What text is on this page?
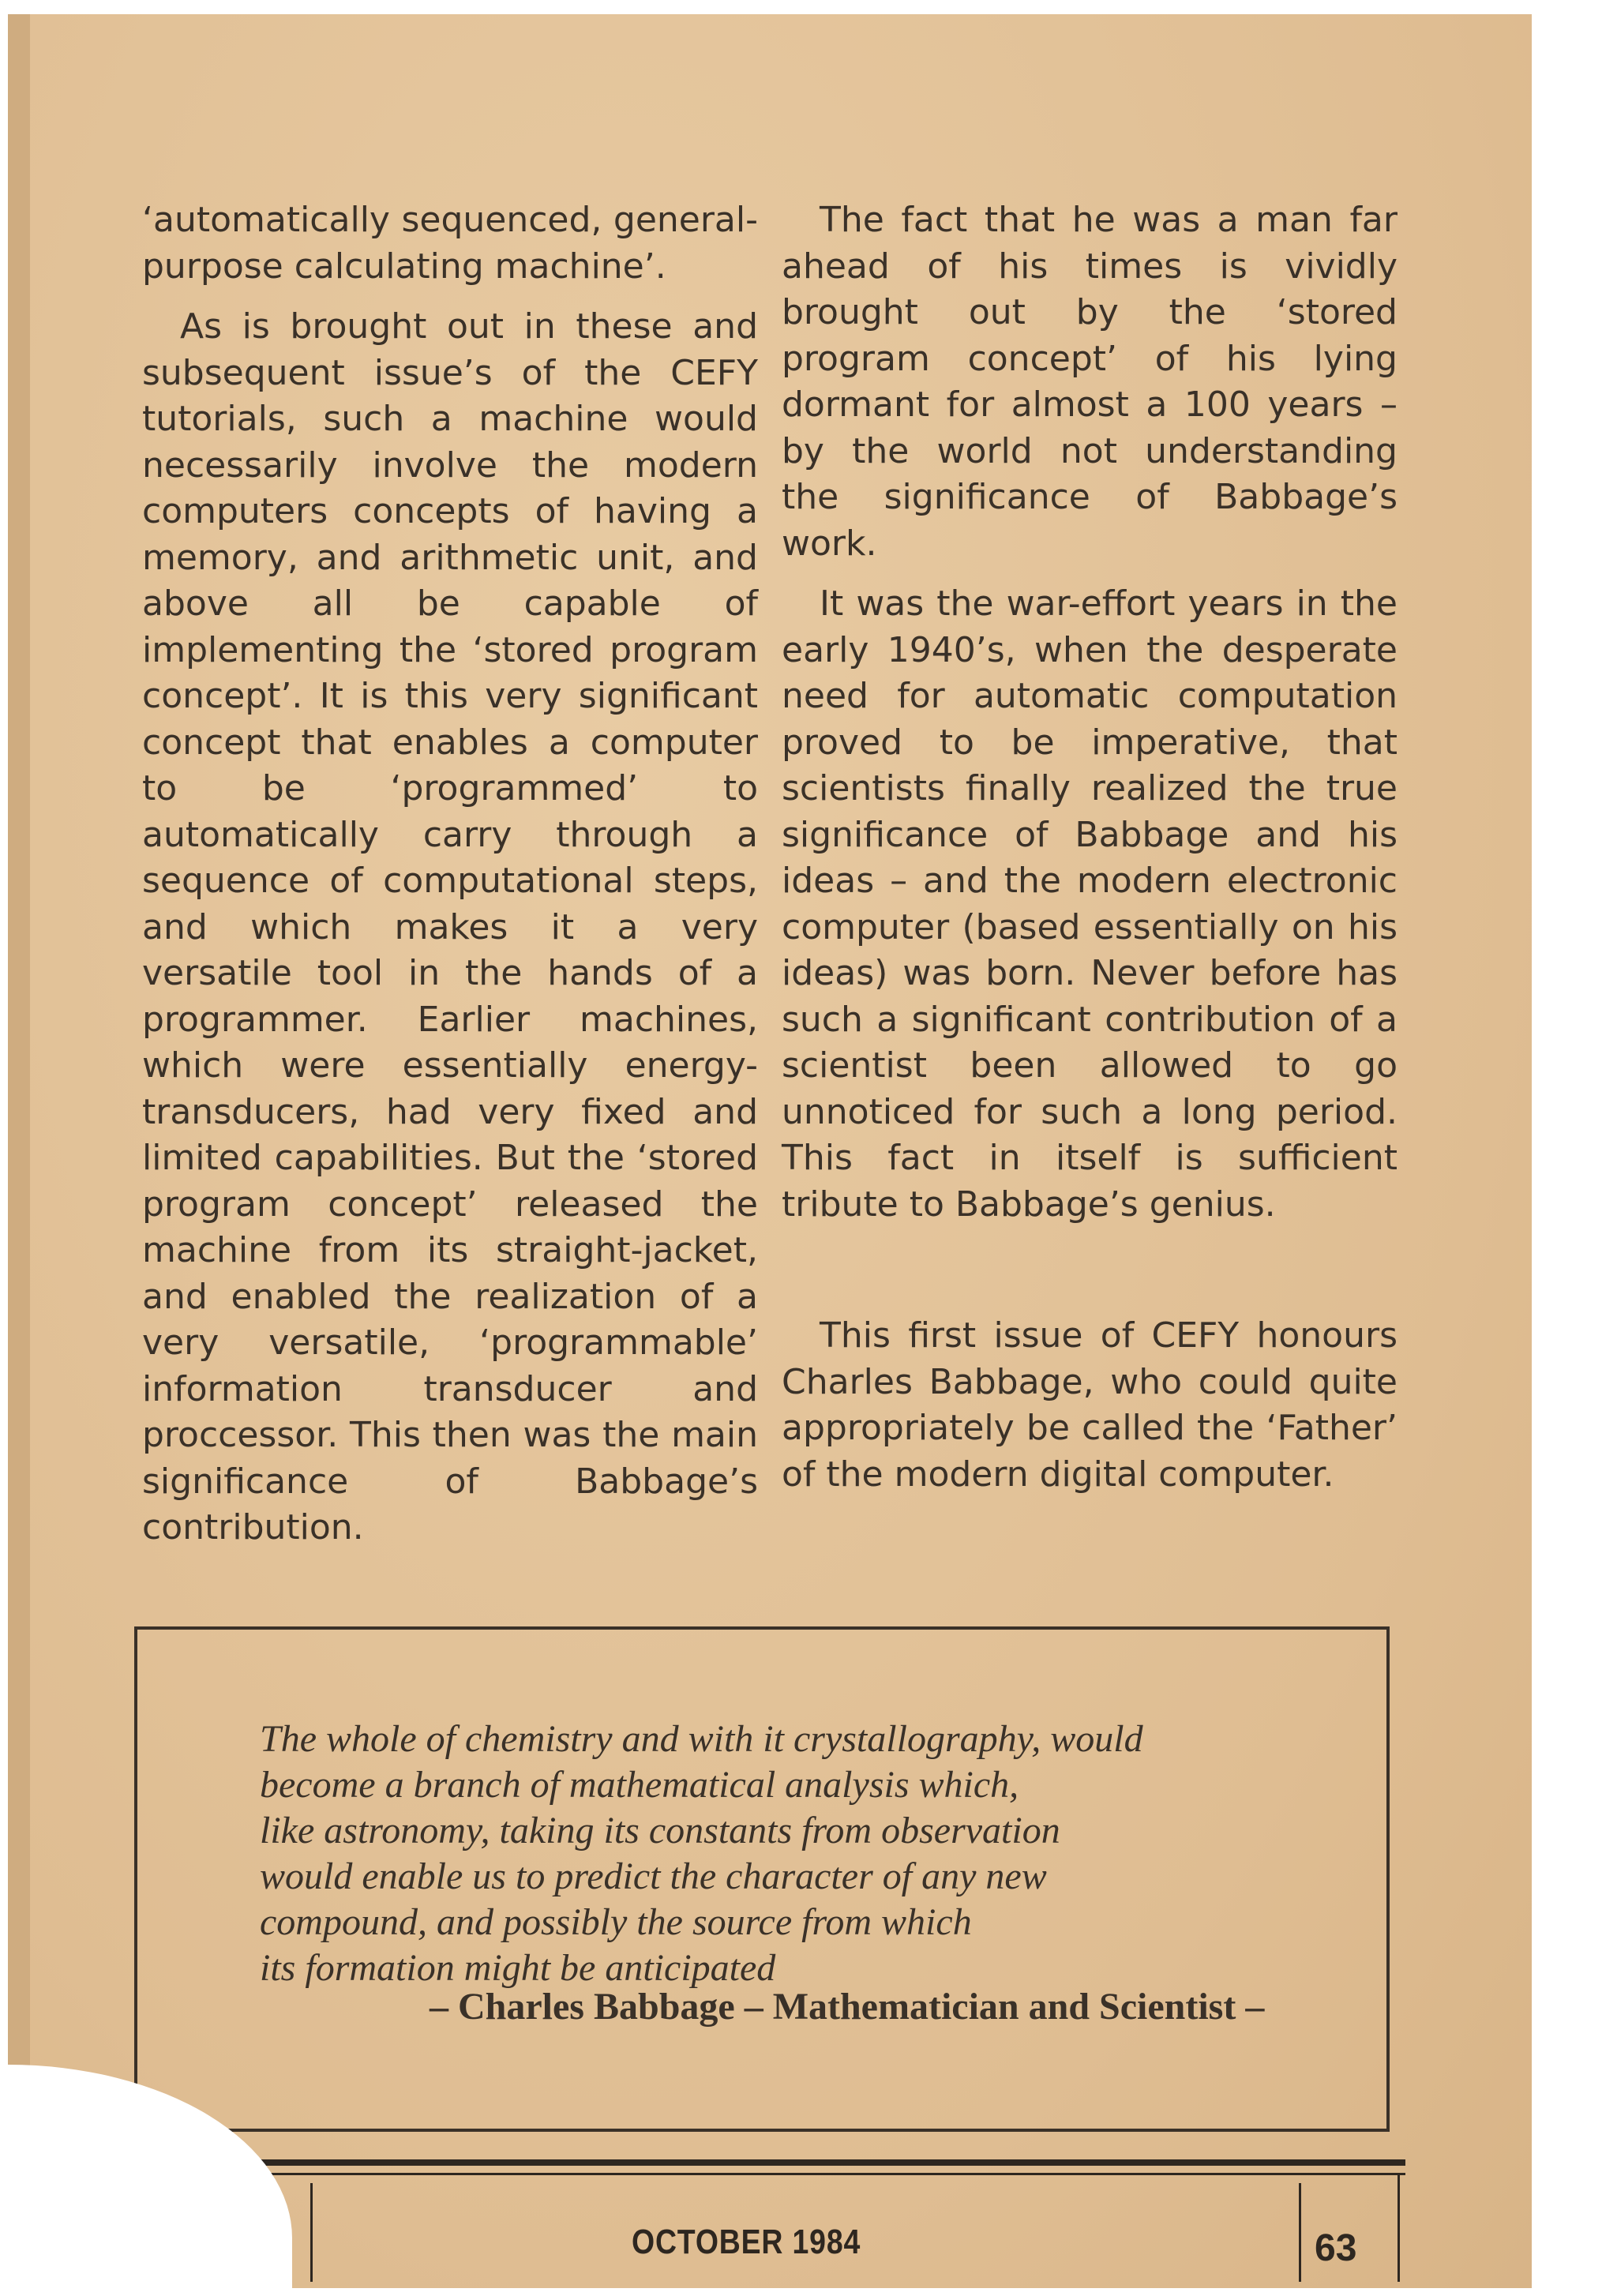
‘automatically sequenced, general-purpose calculating machine’.

As is brought out in these and subsequent issue’s of the CEFY tutorials, such a machine would necessarily involve the modern computers concepts of having a memory, and arithmetic unit, and above all be capable of implementing the ‘stored program concept’. It is this very significant concept that enables a computer to be ‘programmed’ to automatically carry through a sequence of computational steps, and which makes it a very versatile tool in the hands of a programmer. Earlier machines, which were essentially energy-transducers, had very fixed and limited capabilities. But the ‘stored program concept’ released the machine from its straight-jacket, and enabled the realization of a very versatile, ‘programmable’ information transducer and proccessor. This then was the main significance of Babbage’s contribution.

The fact that he was a man far ahead of his times is vividly brought out by the ‘stored program concept’ of his lying dormant for almost a 100 years – by the world not understanding the significance of Babbage’s work.

It was the war-effort years in the early 1940’s, when the desperate need for automatic computation proved to be imperative, that scientists finally realized the true significance of Babbage and his ideas – and the modern electronic computer (based essentially on his ideas) was born. Never before has such a significant contribution of a scientist been allowed to go unnoticed for such a long period. This fact in itself is sufficient tribute to Babbage’s genius.

This first issue of CEFY honours Charles Babbage, who could quite appropriately be called the ‘Father’ of the modern digital computer.

The whole of chemistry and with it crystallography, would
become a branch of mathematical analysis which,
like astronomy, taking its constants from observation
would enable us to predict the character of any new
compound, and possibly the source from which
its formation might be anticipated
– Charles Babbage – Mathematician and Scientist –
OCTOBER 1984	63
